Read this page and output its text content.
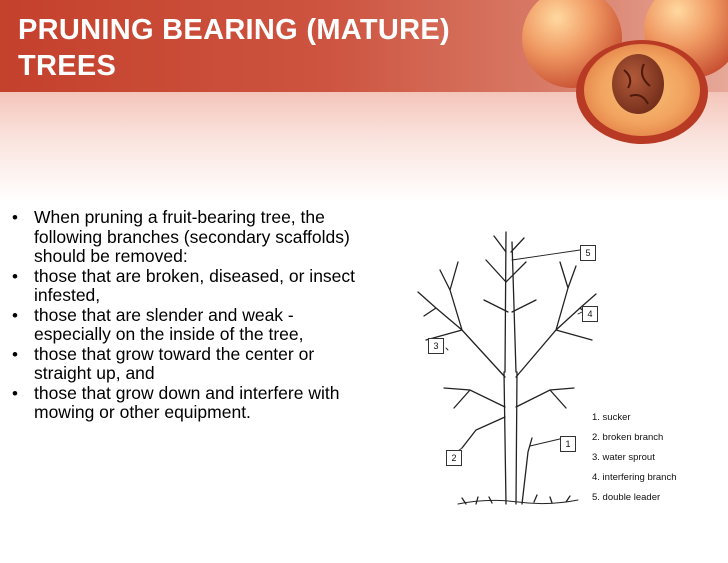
PRUNING BEARING (MATURE)
TREES
• When pruning a fruit-bearing tree, the following branches (secondary scaffolds) should be removed:
• those that are broken, diseased, or insect infested,
• those that are slender and weak - especially on the inside of the tree,
• those that grow toward the center or straight up, and
• those that grow down and interfere with mowing or other equipment.
5
4
3
2
1
1. sucker
2. broken branch
3. water sprout
4. interfering branch
5. double leader
